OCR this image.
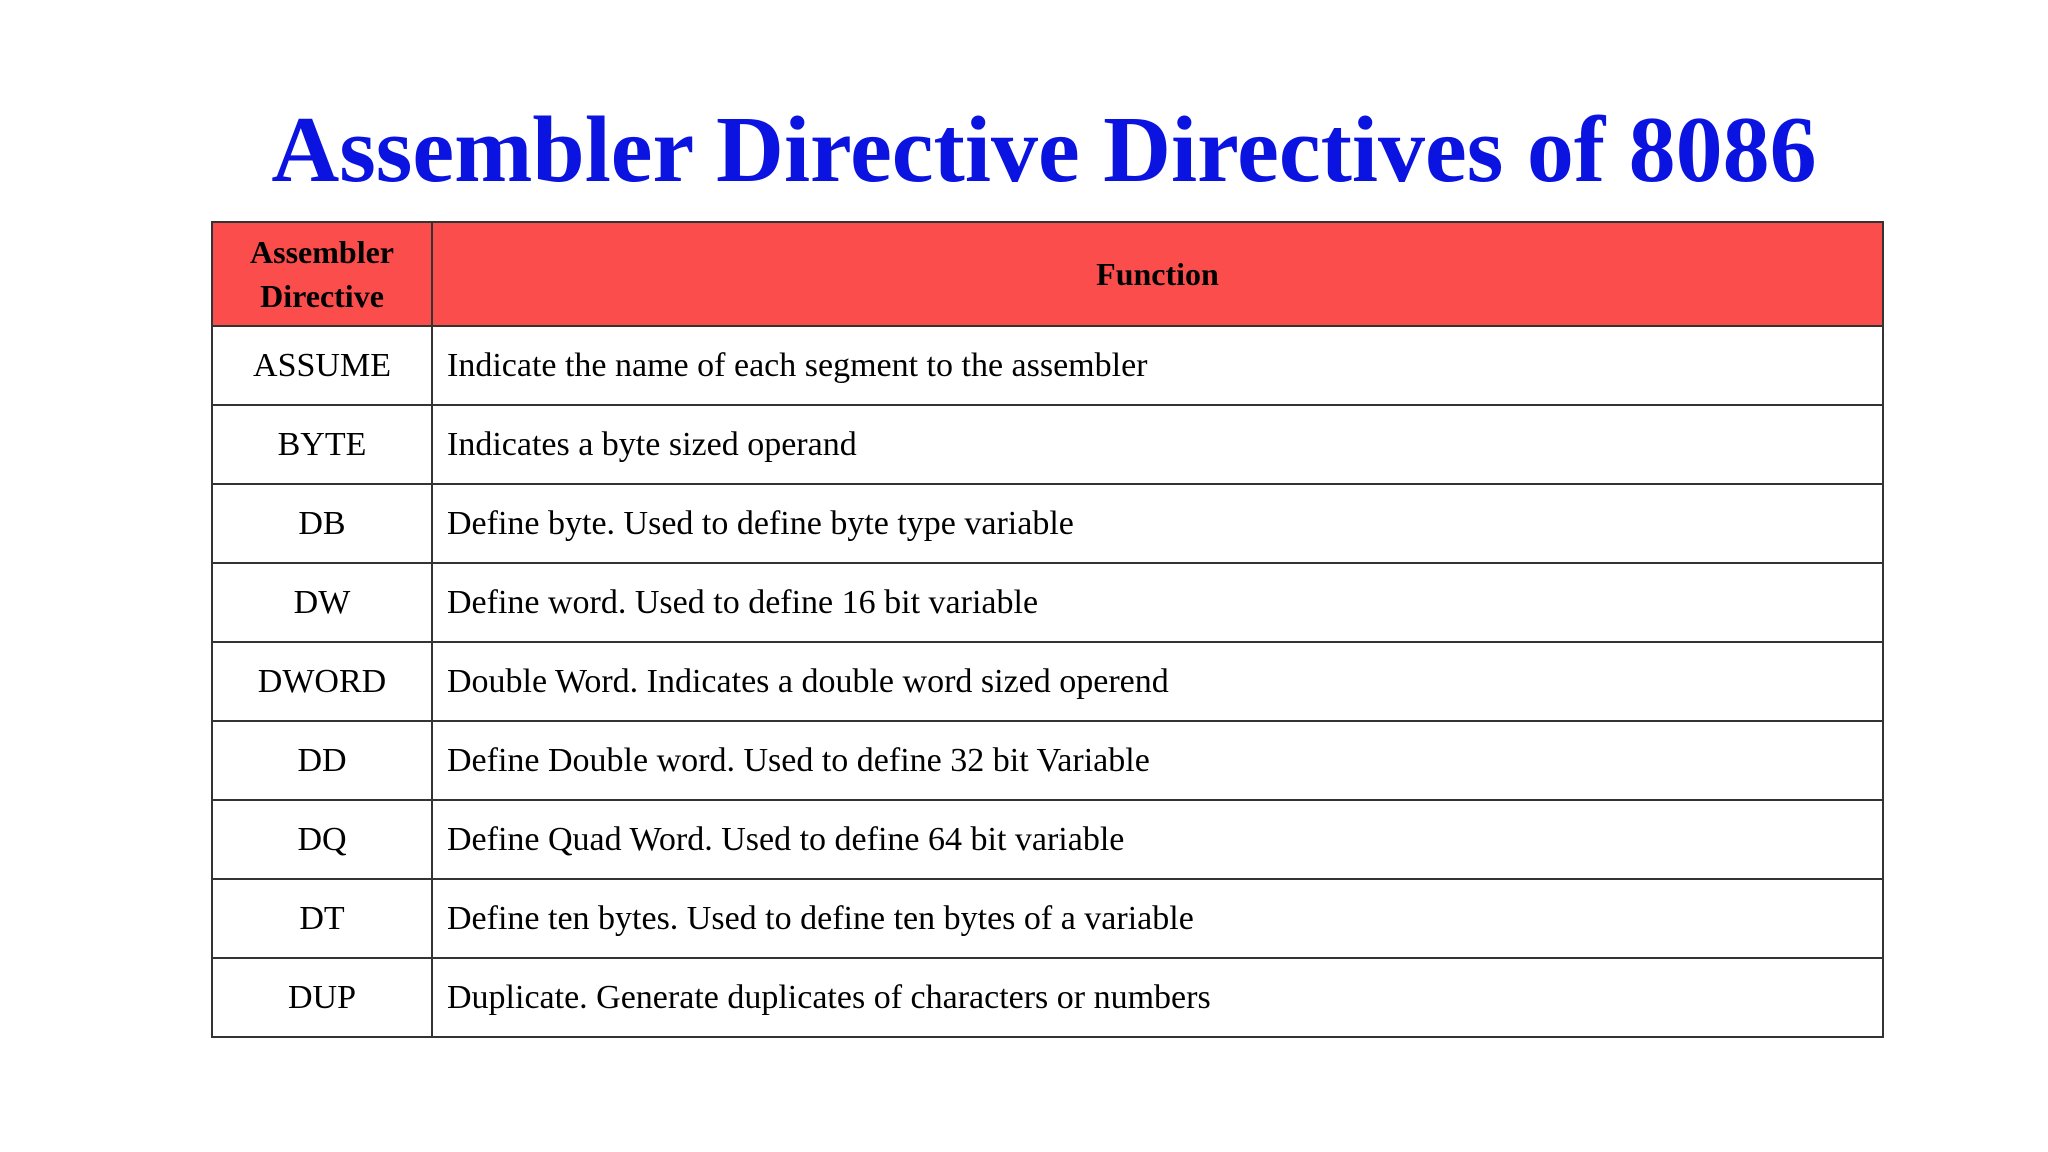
Assembler Directive Directives of 8086
Assembler
Directive	Function
ASSUME	Indicate the name of each segment to the assembler
BYTE	Indicates a byte sized operand
DB	Define byte. Used to define byte type variable
DW	Define word. Used to define 16 bit variable
DWORD	Double Word. Indicates a double word sized operend
DD	Define Double word. Used to define 32 bit Variable
DQ	Define Quad Word. Used to define 64 bit variable
DT	Define ten bytes. Used to define ten bytes of a variable
DUP	Duplicate. Generate duplicates of characters or numbers
